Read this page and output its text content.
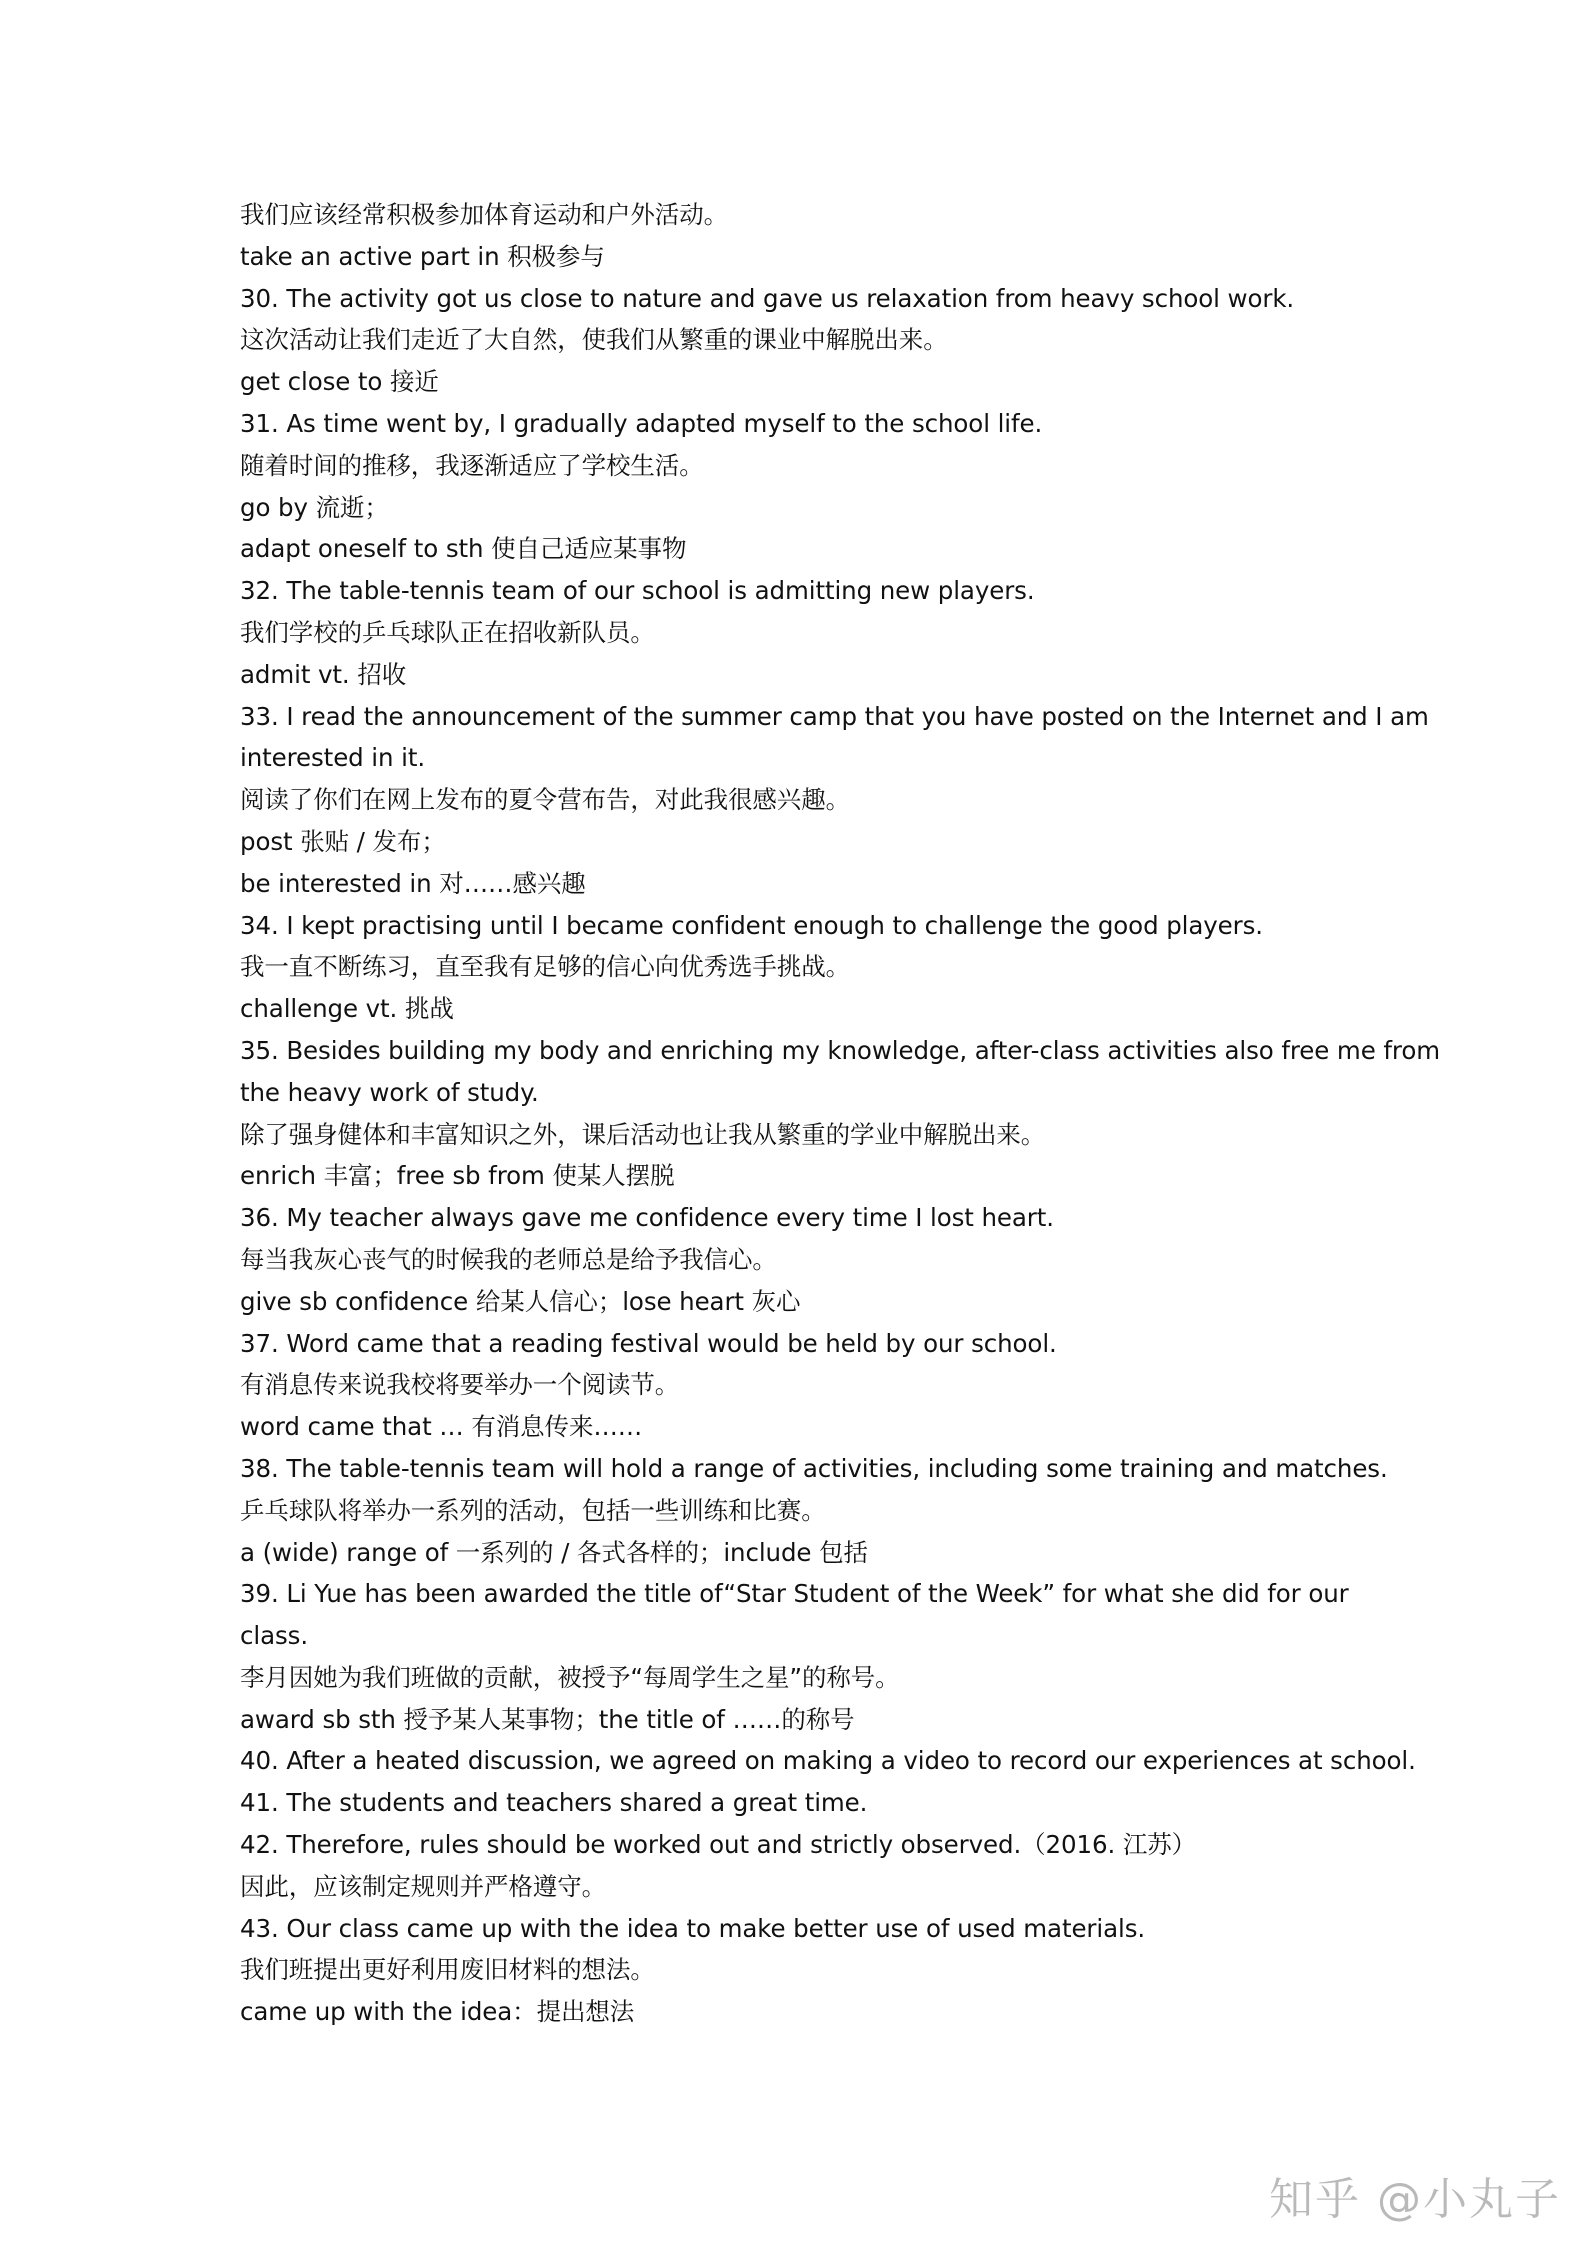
我们应该经常积极参加体育运动和户外活动。
take an active part in 积极参与
30. The activity got us close to nature and gave us relaxation from heavy school work.
这次活动让我们走近了大自然，使我们从繁重的课业中解脱出来。
get close to 接近
31. As time went by, I gradually adapted myself to the school life.
随着时间的推移，我逐渐适应了学校生活。
go by 流逝；
adapt oneself to sth 使自己适应某事物
32. The table-tennis team of our school is admitting new players.
我们学校的乒乓球队正在招收新队员。
admit vt. 招收
33. I read the announcement of the summer camp that you have posted on the Internet and I am
interested in it.
阅读了你们在网上发布的夏令营布告，对此我很感兴趣。
post 张贴 / 发布；
be interested in 对……感兴趣
34. I kept practising until I became confident enough to challenge the good players.
我一直不断练习，直至我有足够的信心向优秀选手挑战。
challenge vt. 挑战
35. Besides building my body and enriching my knowledge, after-class activities also free me from
the heavy work of study.
除了强身健体和丰富知识之外，课后活动也让我从繁重的学业中解脱出来。
enrich 丰富；free sb from 使某人摆脱
36. My teacher always gave me confidence every time I lost heart.
每当我灰心丧气的时候我的老师总是给予我信心。
give sb confidence 给某人信心；lose heart 灰心
37. Word came that a reading festival would be held by our school.
有消息传来说我校将要举办一个阅读节。
word came that … 有消息传来……
38. The table-tennis team will hold a range of activities, including some training and matches.
乒乓球队将举办一系列的活动，包括一些训练和比赛。
a (wide) range of 一系列的 / 各式各样的；include 包括
39. Li Yue has been awarded the title of“Star Student of the Week” for what she did for our
class.
李月因她为我们班做的贡献，被授予“每周学生之星”的称号。
award sb sth 授予某人某事物；the title of ……的称号
40. After a heated discussion, we agreed on making a video to record our experiences at school.
41. The students and teachers shared a great time.
42. Therefore, rules should be worked out and strictly observed.（2016. 江苏）
因此，应该制定规则并严格遵守。
43. Our class came up with the idea to make better use of used materials.
我们班提出更好利用废旧材料的想法。
came up with the idea：提出想法
知乎 @小丸子
